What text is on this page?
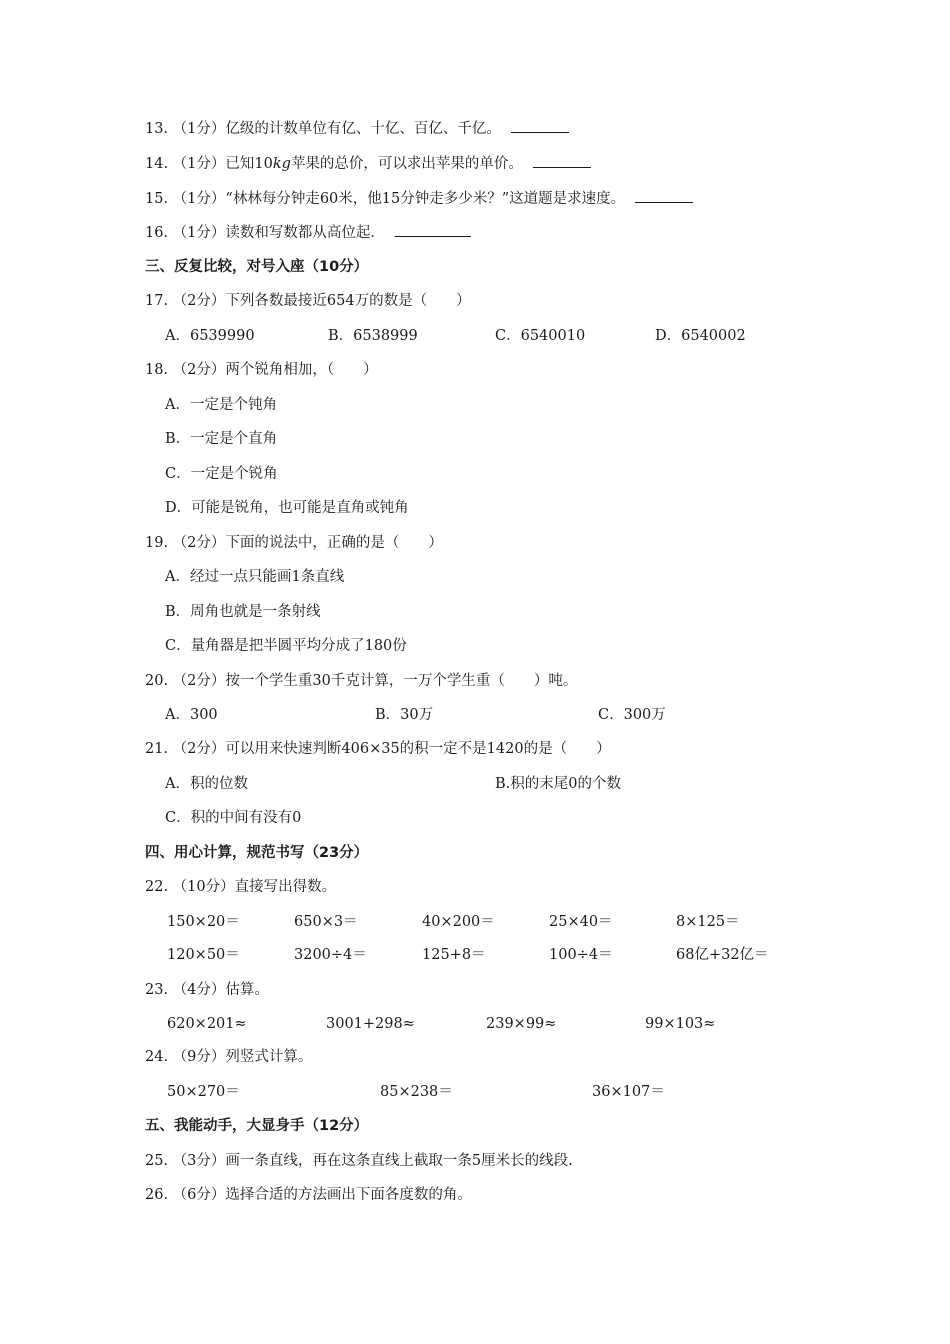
13. （1分）亿级的计数单位有亿、十亿、百亿、千亿。
14. （1分）已知10kg苹果的总价，可以求出苹果的单价。
15. （1分）“林林每分钟走60米，他15分钟走多少米？”这道题是求速度。
16. （1分）读数和写数都从高位起．
三、反复比较，对号入座（10分）
17. （2分）下列各数最接近654万的数是（　　）
A．6539990	B．6538999	C．6540010	D．6540002
18. （2分）两个锐角相加，（　　）
A．一定是个钝角
B．一定是个直角
C．一定是个锐角
D．可能是锐角，也可能是直角或钝角
19. （2分）下面的说法中，正确的是（　　）
A．经过一点只能画1条直线
B．周角也就是一条射线
C．量角器是把半圆平均分成了180份
20. （2分）按一个学生重30千克计算，一万个学生重（　　）吨。
A．300	B．30万	C．300万
21. （2分）可以用来快速判断406×35的积一定不是1420的是（　　）
A．积的位数	B.积的末尾0的个数
C．积的中间有没有0
四、用心计算，规范书写（23分）
22. （10分）直接写出得数。
150×20＝	650×3＝	40×200＝	25×40＝	8×125＝
120×50＝	3200÷4＝	125+8＝	100÷4＝	68亿+32亿＝
23. （4分）估算。
620×201≈	3001+298≈	239×99≈	99×103≈
24. （9分）列竖式计算。
50×270＝	85×238＝	36×107＝
五、我能动手，大显身手（12分）
25. （3分）画一条直线，再在这条直线上截取一条5厘米长的线段.
26. （6分）选择合适的方法画出下面各度数的角。
